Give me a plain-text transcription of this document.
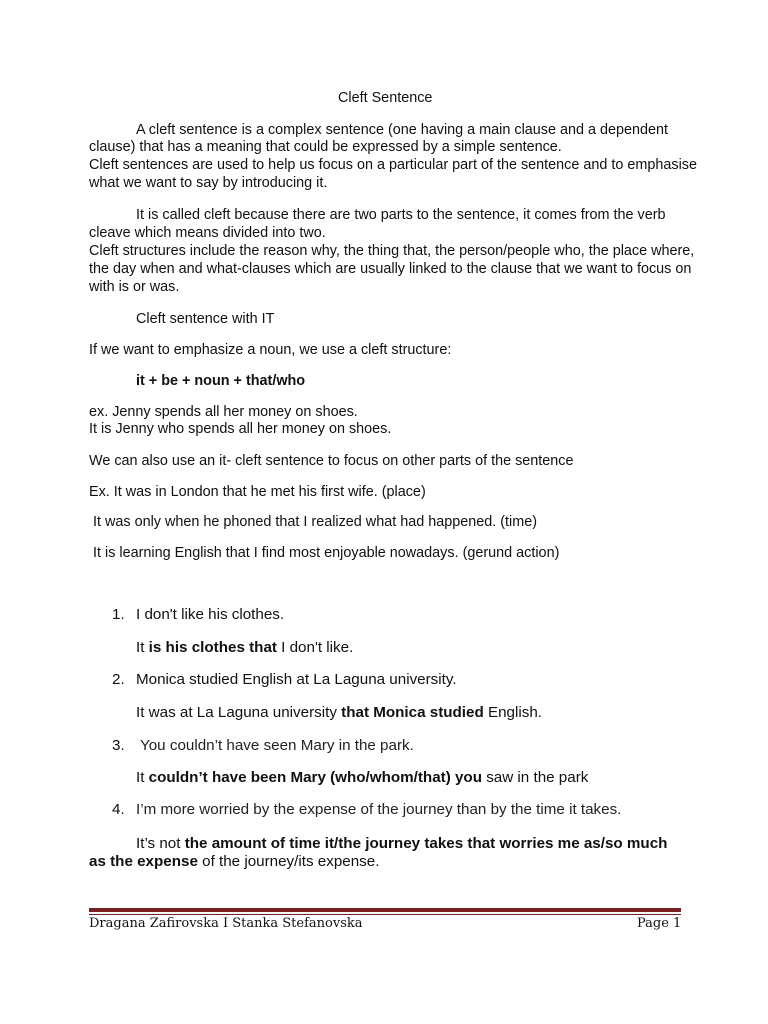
Cleft Sentence

A cleft sentence is a complex sentence (one having a main clause and a dependent

clause) that has a meaning that could be expressed by a simple sentence.

Cleft sentences are used to help us focus on a particular part of the sentence and to emphasise

what we want to say by introducing it.

It is called cleft because there are two parts to the sentence, it comes from the verb

cleave which means divided into two.

Cleft structures include the reason why, the thing that, the person/people who, the place where,

the day when and what-clauses which are usually linked to the clause that we want to focus on

with is or was.

Cleft sentence with IT

If we want to emphasize a noun, we use a cleft structure:

it + be + noun + that/who

ex. Jenny spends all her money on shoes.

It is Jenny who spends all her money on shoes.

We can also use an it- cleft sentence to focus on other parts of the sentence

Ex. It was in London that he met his first wife. (place)

It was only when he phoned that I realized what had happened. (time)

It is learning English that I find most enjoyable nowadays. (gerund action)

1. I don't like his clothes.

It is his clothes that I don't like.

2. Monica studied English at La Laguna university.

It was at La Laguna university that Monica studied English.

3. You couldn’t have seen Mary in the park.

It couldn’t have been Mary (who/whom/that) you saw in the park

4. I’m more worried by the expense of the journey than by the time it takes.

It’s not the amount of time it/the journey takes that worries me as/so much

as the expense of the journey/its expense.

Dragana Zafirovska I Stanka Stefanovska	Page 1
